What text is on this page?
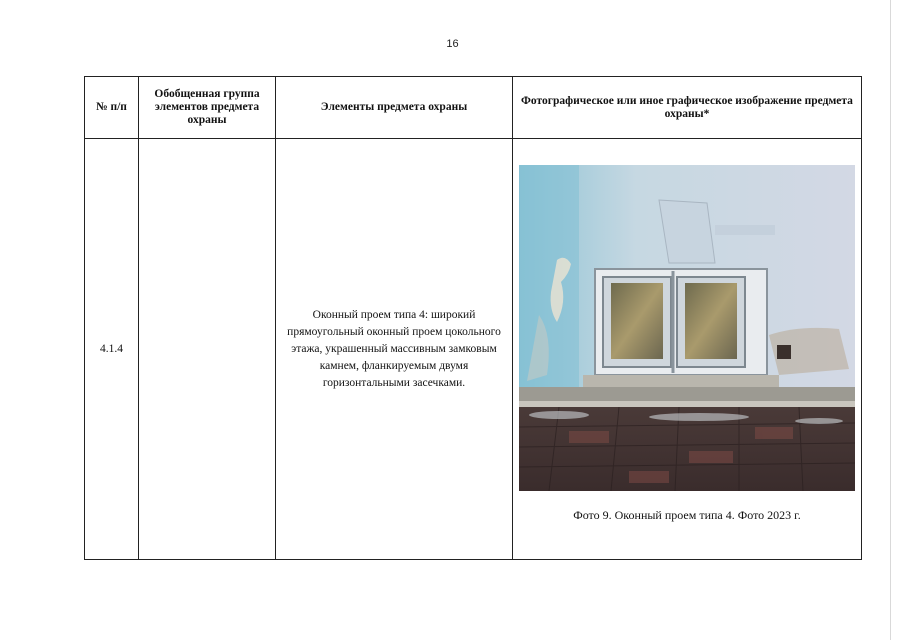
16
№ п/п	Обобщенная группа элементов предмета охраны	Элементы предмета охраны	Фотографическое или иное графическое изображение предмета охраны*
4.1.4		Оконный проем типа 4: широкий прямоугольный оконный проем цокольного этажа, украшенный массивным замковым камнем, фланкируемым двумя горизонтальными засечками.	Фото 9. Оконный проем типа 4. Фото 2023 г.
